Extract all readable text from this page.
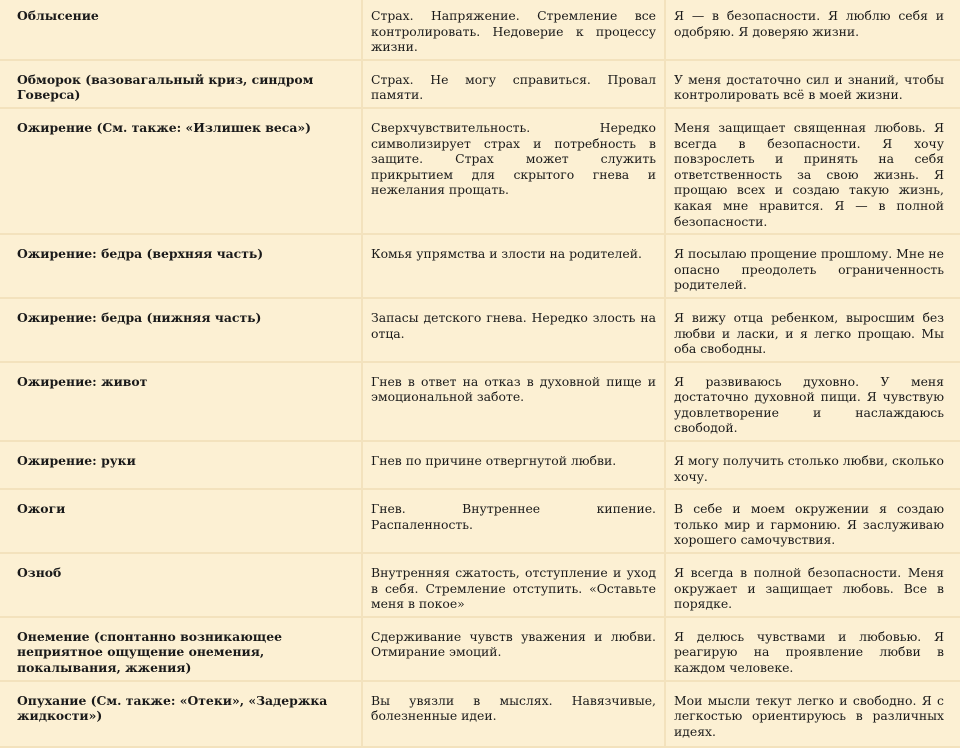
Облысение	Страх. Напряжение. Стремление все контролировать. Недоверие к процессу жизни.	Я — в безопасности. Я люблю себя и одобряю. Я доверяю жизни.
Обморок (вазовагальный криз, синдром Говерса)	Страх. Не могу справиться. Провал памяти.	У меня достаточно сил и знаний, чтобы контролировать всё в моей жизни.
Ожирение (См. также: «Излишек веса»)	Сверхчувствительность. Нередко символизирует страх и потребность в защите. Страх может служить прикрытием для скрытого гнева и нежелания прощать.	Меня защищает священная любовь. Я всегда в безопасности. Я хочу повзрослеть и принять на себя ответственность за свою жизнь. Я прощаю всех и создаю такую жизнь, какая мне нравится. Я — в полной безопасности.
Ожирение: бедра (верхняя часть)	Комья упрямства и злости на родителей.	Я посылаю прощение прошлому. Мне не опасно преодолеть ограниченность родителей.
Ожирение: бедра (нижняя часть)	Запасы детского гнева. Нередко злость на отца.	Я вижу отца ребенком, выросшим без любви и ласки, и я легко прощаю. Мы оба свободны.
Ожирение: живот	Гнев в ответ на отказ в духовной пище и эмоциональной заботе.	Я развиваюсь духовно. У меня достаточно духовной пищи. Я чувствую удовлетворение и наслаждаюсь свободой.
Ожирение: руки	Гнев по причине отвергнутой любви.	Я могу получить столько любви, сколько хочу.
Ожоги	Гнев. Внутреннее кипение. Распаленность.	В себе и моем окружении я создаю только мир и гармонию. Я заслуживаю хорошего самочувствия.
Озноб	Внутренняя сжатость, отступление и уход в себя. Стремление отступить. «Оставьте меня в покое»	Я всегда в полной безопасности. Меня окружает и защищает любовь. Все в порядке.
Онемение (спонтанно возникающее неприятное ощущение онемения, покалывания, жжения)	Сдерживание чувств уважения и любви. Отмирание эмоций.	Я делюсь чувствами и любовью. Я реагирую на проявление любви в каждом человеке.
Опухание (См. также: «Отеки», «Задержка жидкости»)	Вы увязли в мыслях. Навязчивые, болезненные идеи.	Мои мысли текут легко и свободно. Я с легкостью ориентируюсь в различных идеях.
